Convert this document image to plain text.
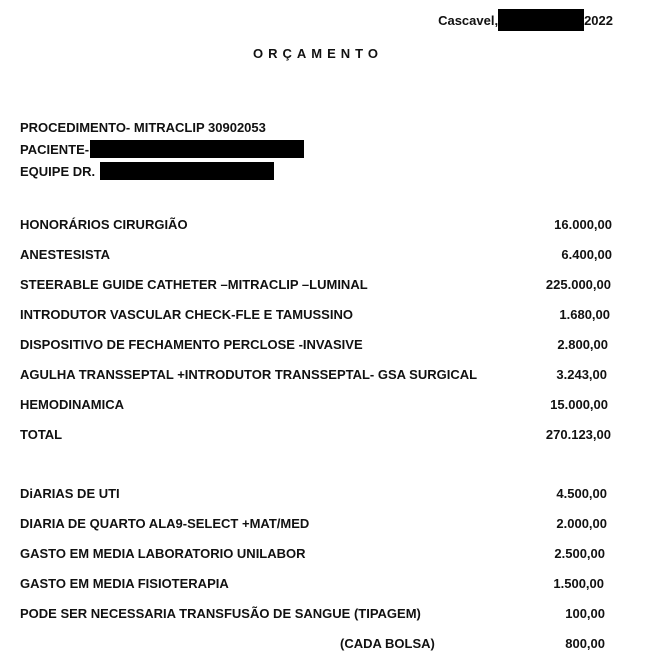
Cascavel,	2022
ORÇAMENTO
PROCEDIMENTO- MITRACLIP 30902053
PACIENTE-
EQUIPE DR.
HONORÁRIOS CIRURGIÃO	16.000,00
ANESTESISTA	6.400,00
STEERABLE GUIDE CATHETER –MITRACLIP –LUMINAL	225.000,00
INTRODUTOR VASCULAR CHECK-FLE E TAMUSSINO	1.680,00
DISPOSITIVO DE FECHAMENTO PERCLOSE -INVASIVE	2.800,00
AGULHA TRANSSEPTAL +INTRODUTOR TRANSSEPTAL- GSA SURGICAL	3.243,00
HEMODINAMICA	15.000,00
TOTAL	270.123,00
DiARIAS DE UTI	4.500,00
DIARIA DE QUARTO ALA9-SELECT +MAT/MED	2.000,00
GASTO EM MEDIA LABORATORIO UNILABOR	2.500,00
GASTO EM MEDIA FISIOTERAPIA	1.500,00
PODE SER NECESSARIA TRANSFUSÃO DE SANGUE (TIPAGEM)	100,00
(CADA BOLSA)	800,00
